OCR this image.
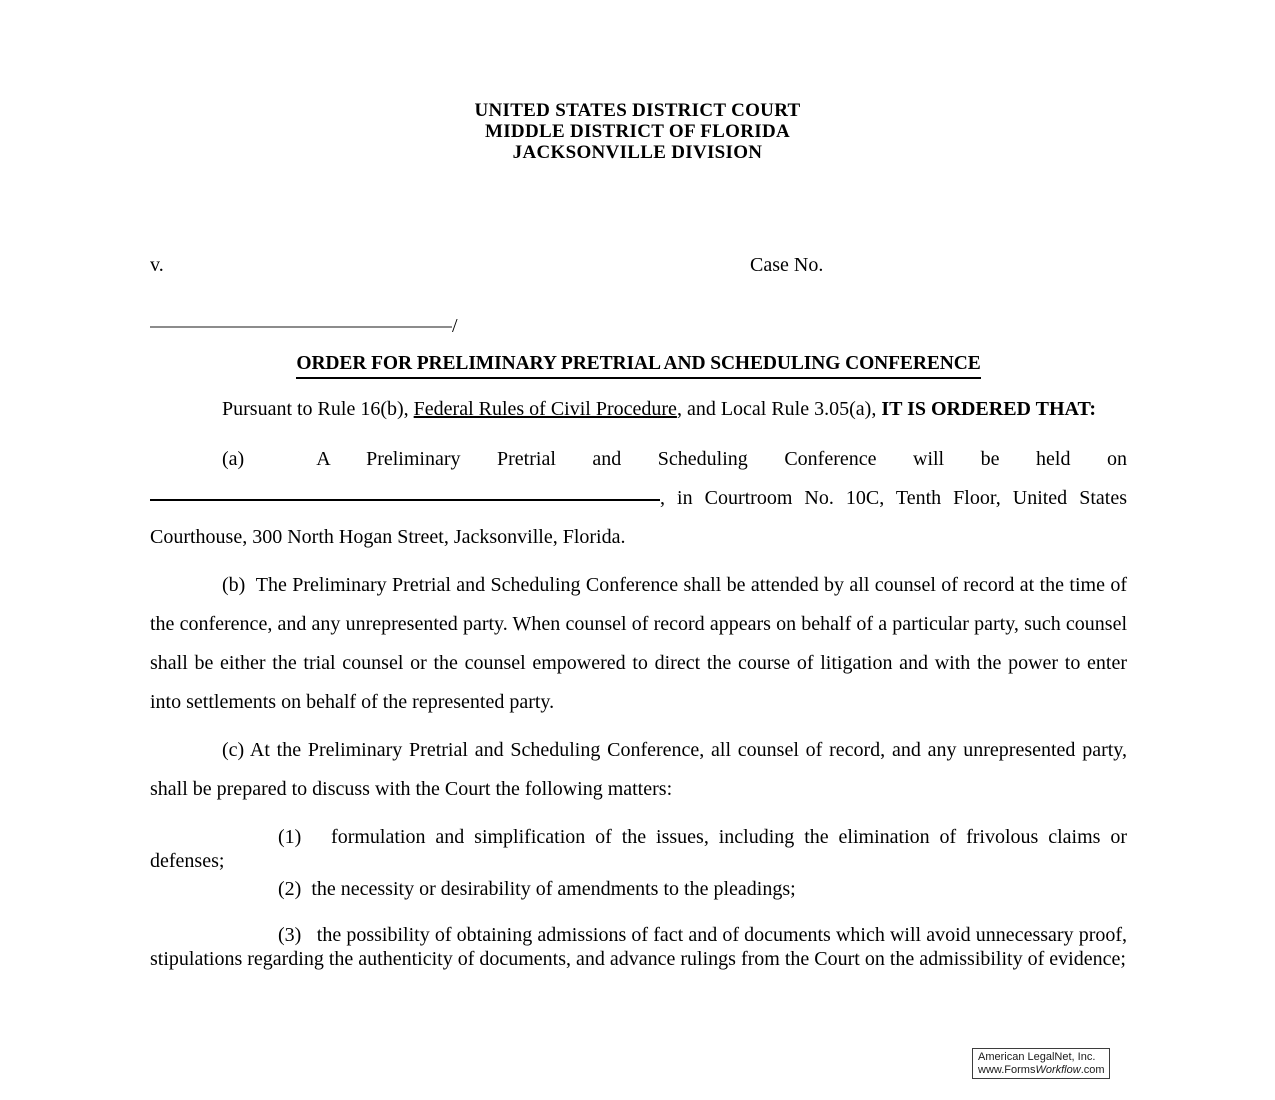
UNITED STATES DISTRICT COURT
MIDDLE DISTRICT OF FLORIDA
JACKSONVILLE DIVISION
v.	Case No.
/
ORDER FOR PRELIMINARY PRETRIAL AND SCHEDULING CONFERENCE

Pursuant to Rule 16(b), Federal Rules of Civil Procedure, and Local Rule 3.05(a), IT IS ORDERED THAT:

(a)	A Preliminary Pretrial and Scheduling Conference will be held on , in Courtroom No. 10C, Tenth Floor, United States Courthouse, 300 North Hogan Street, Jacksonville, Florida.

(b) The Preliminary Pretrial and Scheduling Conference shall be attended by all counsel of record at the time of the conference, and any unrepresented party. When counsel of record appears on behalf of a particular party, such counsel shall be either the trial counsel or the counsel empowered to direct the course of litigation and with the power to enter into settlements on behalf of the represented party.

(c) At the Preliminary Pretrial and Scheduling Conference, all counsel of record, and any unrepresented party, shall be prepared to discuss with the Court the following matters:

(1) formulation and simplification of the issues, including the elimination of frivolous claims or defenses;

(2) the necessity or desirability of amendments to the pleadings;

(3) the possibility of obtaining admissions of fact and of documents which will avoid unnecessary proof, stipulations regarding the authenticity of documents, and advance rulings from the Court on the admissibility of evidence;

American LegalNet, Inc.
www.FormsWorkflow.com
